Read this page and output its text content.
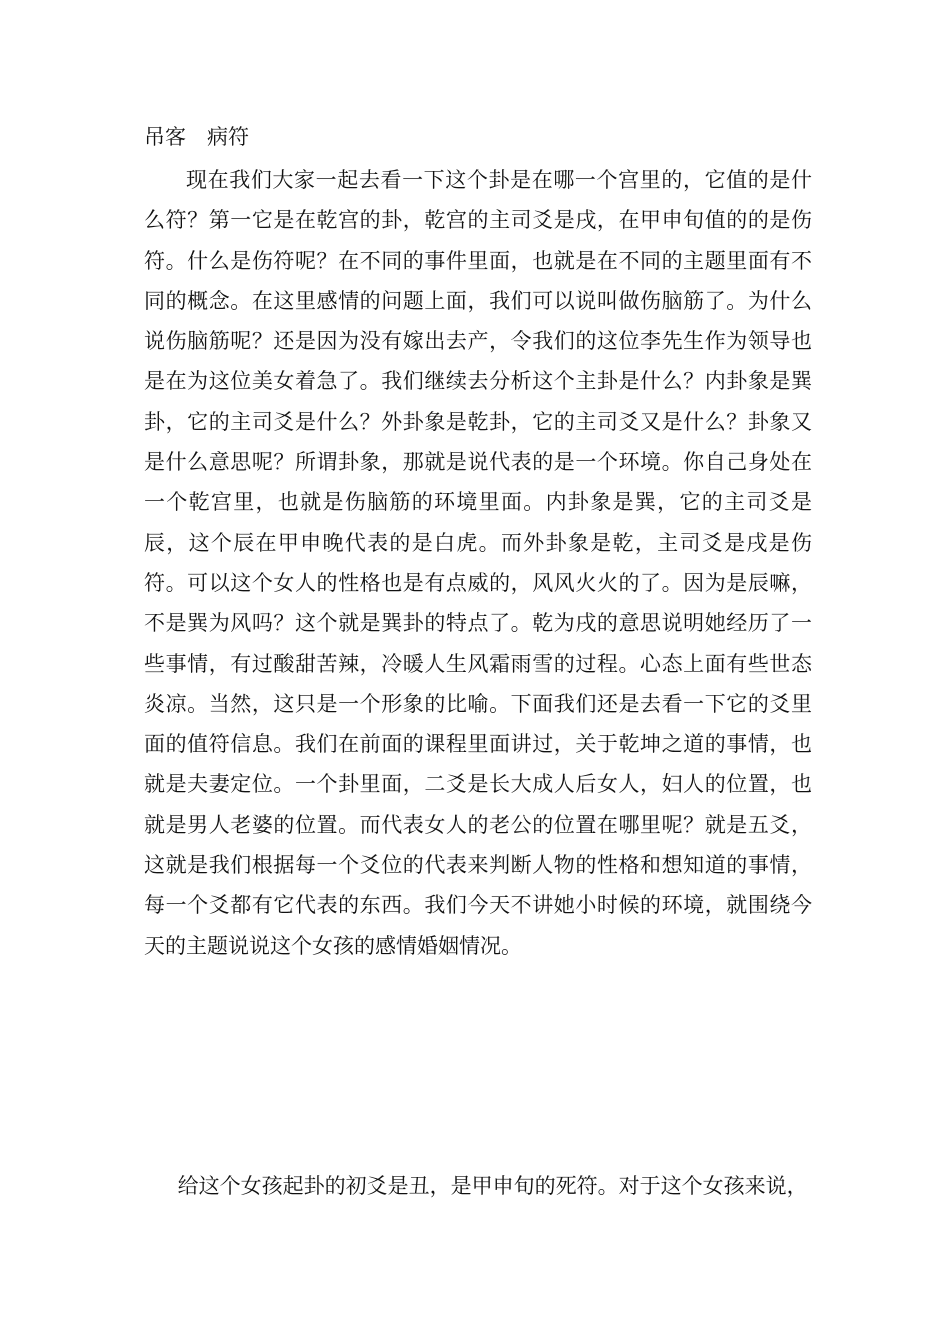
吊客　病符

现在我们大家一起去看一下这个卦是在哪一个宫里的，它值的是什么符？第一它是在乾宫的卦，乾宫的主司爻是戌，在甲申旬值的的是伤符。什么是伤符呢？在不同的事件里面，也就是在不同的主题里面有不同的概念。在这里感情的问题上面，我们可以说叫做伤脑筋了。为什么说伤脑筋呢？还是因为没有嫁出去产，令我们的这位李先生作为领导也是在为这位美女着急了。我们继续去分析这个主卦是什么？内卦象是巽卦，它的主司爻是什么？外卦象是乾卦，它的主司爻又是什么？卦象又是什么意思呢？所谓卦象，那就是说代表的是一个环境。你自己身处在一个乾宫里，也就是伤脑筋的环境里面。内卦象是巽，它的主司爻是辰，这个辰在甲申晚代表的是白虎。而外卦象是乾，主司爻是戌是伤符。可以这个女人的性格也是有点威的，风风火火的了。因为是辰嘛，不是巽为风吗？这个就是巽卦的特点了。乾为戌的意思说明她经历了一些事情，有过酸甜苦辣，冷暖人生风霜雨雪的过程。心态上面有些世态炎凉。当然，这只是一个形象的比喻。下面我们还是去看一下它的爻里面的值符信息。我们在前面的课程里面讲过，关于乾坤之道的事情，也就是夫妻定位。一个卦里面，二爻是长大成人后女人，妇人的位置，也就是男人老婆的位置。而代表女人的老公的位置在哪里呢？就是五爻，这就是我们根据每一个爻位的代表来判断人物的性格和想知道的事情，每一个爻都有它代表的东西。我们今天不讲她小时候的环境，就围绕今天的主题说说这个女孩的感情婚姻情况。

给这个女孩起卦的初爻是丑，是甲申旬的死符。对于这个女孩来说，
